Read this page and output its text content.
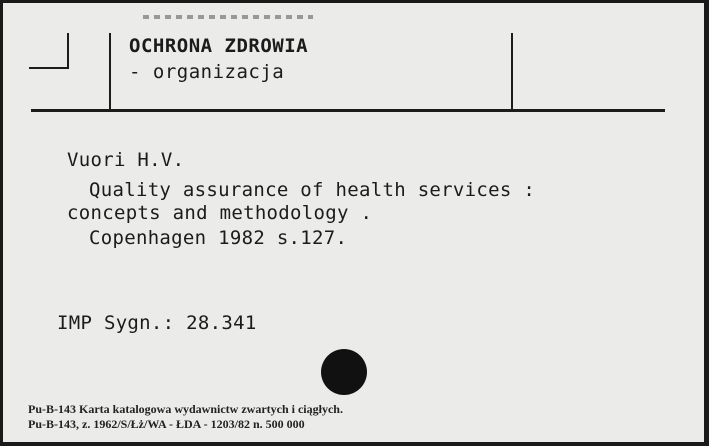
OCHRONA ZDROWIA
- organizacja
Vuori H.V.
Quality assurance of health services :
concepts and methodology .
Copenhagen 1982 s.127.
IMP Sygn.: 28.341
Pu-B-143 Karta katalogowa wydawnictw zwartych i ciągłych.
Pu-B-143, z. 1962/S/Łż/WA - ŁDA - 1203/82 n. 500 000
